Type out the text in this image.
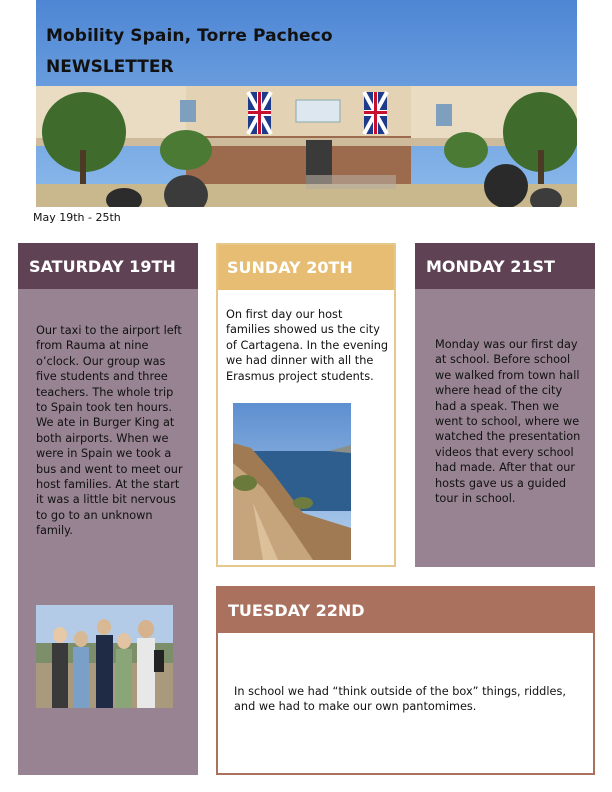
Mobility Spain, Torre Pacheco
NEWSLETTER
May 19th - 25th
SATURDAY 19TH
Our taxi to the airport left from Rauma at nine o’clock. Our group was five students and three teachers. The whole trip to Spain took ten hours. We ate in Burger King at both airports. When we were in Spain we took a bus and went to meet our host families. At the start it was a little bit nervous to go to an unknown family.
SUNDAY 20TH
On first day our host families showed us the city of Cartagena. In the evening we had dinner with all the Erasmus project students.
MONDAY 21ST
Monday was our first day at school. Before school we walked from town hall where head of the city had a speak. Then we went to school, where we watched the presentation videos that every school had made. After that our hosts gave us a guided tour in school.
TUESDAY 22ND
In school we had “think outside of the box” things, riddles, and we had to make our own pantomimes.
